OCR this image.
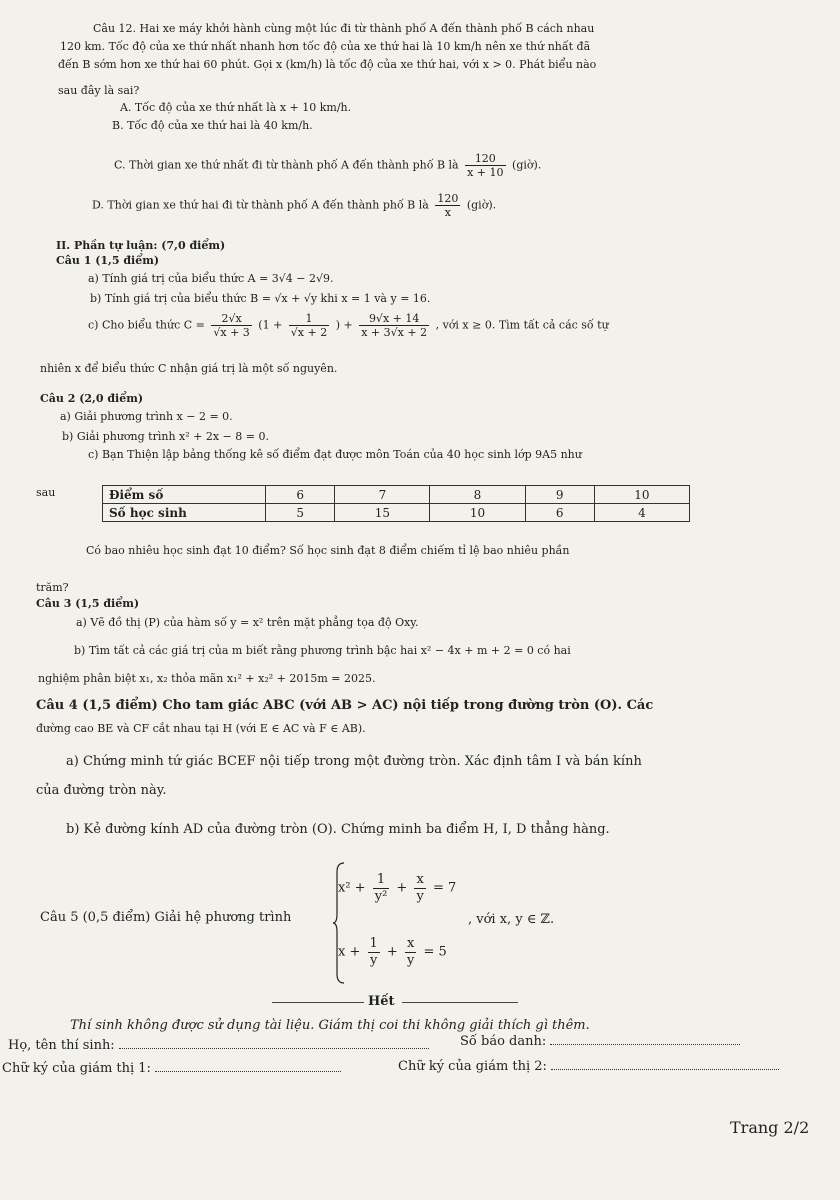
Câu 12. Hai xe máy khởi hành cùng một lúc đi từ thành phố A đến thành phố B cách nhau
120 km. Tốc độ của xe thứ nhất nhanh hơn tốc độ của xe thứ hai là 10 km/h nên xe thứ nhất đã
đến B sớm hơn xe thứ hai 60 phút. Gọi x (km/h) là tốc độ của xe thứ hai, với x > 0. Phát biểu nào
sau đây là sai?
A. Tốc độ của xe thứ nhất là x + 10 km/h.
B. Tốc độ của xe thứ hai là 40 km/h.
C. Thời gian xe thứ nhất đi từ thành phố A đến thành phố B là $\frac{120}{x + 10}$ (giờ).
D. Thời gian xe thứ hai đi từ thành phố A đến thành phố B là $\frac{120}{x}$ (giờ).
II. Phần tự luận: (7,0 điểm)
Câu 1 (1,5 điểm)
a) Tính giá trị của biểu thức A = 3√4 − 2√9.
b) Tính giá trị của biểu thức B = √x + √y khi x = 1 và y = 16.
c) Cho biểu thức $C = \frac{2√x}{√x + 3} (1 + \frac{1}{√x + 2}$ ) + $\frac{9√x + 14}{x + 3√x + 2}$ , với x ≥ 0. Tìm tất cả các số tự
nhiên x để biểu thức C nhận giá trị là một số nguyên.
Câu 2 (2,0 điểm)
a) Giải phương trình x − 2 = 0.
b) Giải phương trình x² + 2x − 8 = 0.
c) Bạn Thiện lập bảng thống kê số điểm đạt được môn Toán của 40 học sinh lớp 9A5 như
sau	Điểm số	6	7	8	9	10
Số học sinh	5	15	10	6	4
Có bao nhiêu học sinh đạt 10 điểm? Số học sinh đạt 8 điểm chiếm tỉ lệ bao nhiêu phần
trăm?
Câu 3 (1,5 điểm)
a) Vẽ đồ thị (P) của hàm số y = x² trên mặt phẳng tọa độ Oxy.
b) Tìm tất cả các giá trị của m biết rằng phương trình bậc hai x² − 4x + m + 2 = 0 có hai
nghiệm phân biệt x₁, x₂ thỏa mãn x₁² + x₂² + 2015m = 2025.
Câu 4 (1,5 điểm) Cho tam giác ABC (với AB > AC) nội tiếp trong đường tròn (O). Các
đường cao BE và CF cắt nhau tại H (với E ∈ AC và F ∈ AB).
a) Chứng minh tứ giác BCEF nội tiếp trong một đường tròn. Xác định tâm I và bán kính
của đường tròn này.
b) Kẻ đường kính AD của đường tròn (O). Chứng minh ba điểm H, I, D thẳng hàng.
Câu 5 (0,5 điểm) Giải hệ phương trình
$x^2 + \frac{1}{\text{y²}} + \frac{x}{y} = 7$
$x + \frac{1}{y} + \frac{x}{y} = 5$
, với x, y ∈ ℤ.
Hết
Thí sinh không được sử dụng tài liệu. Giám thị coi thi không giải thích gì thêm.
Họ, tên thí sinh:	Số báo danh:
Chữ ký của giám thị 1:	Chữ ký của giám thị 2:
Trang 2/2
